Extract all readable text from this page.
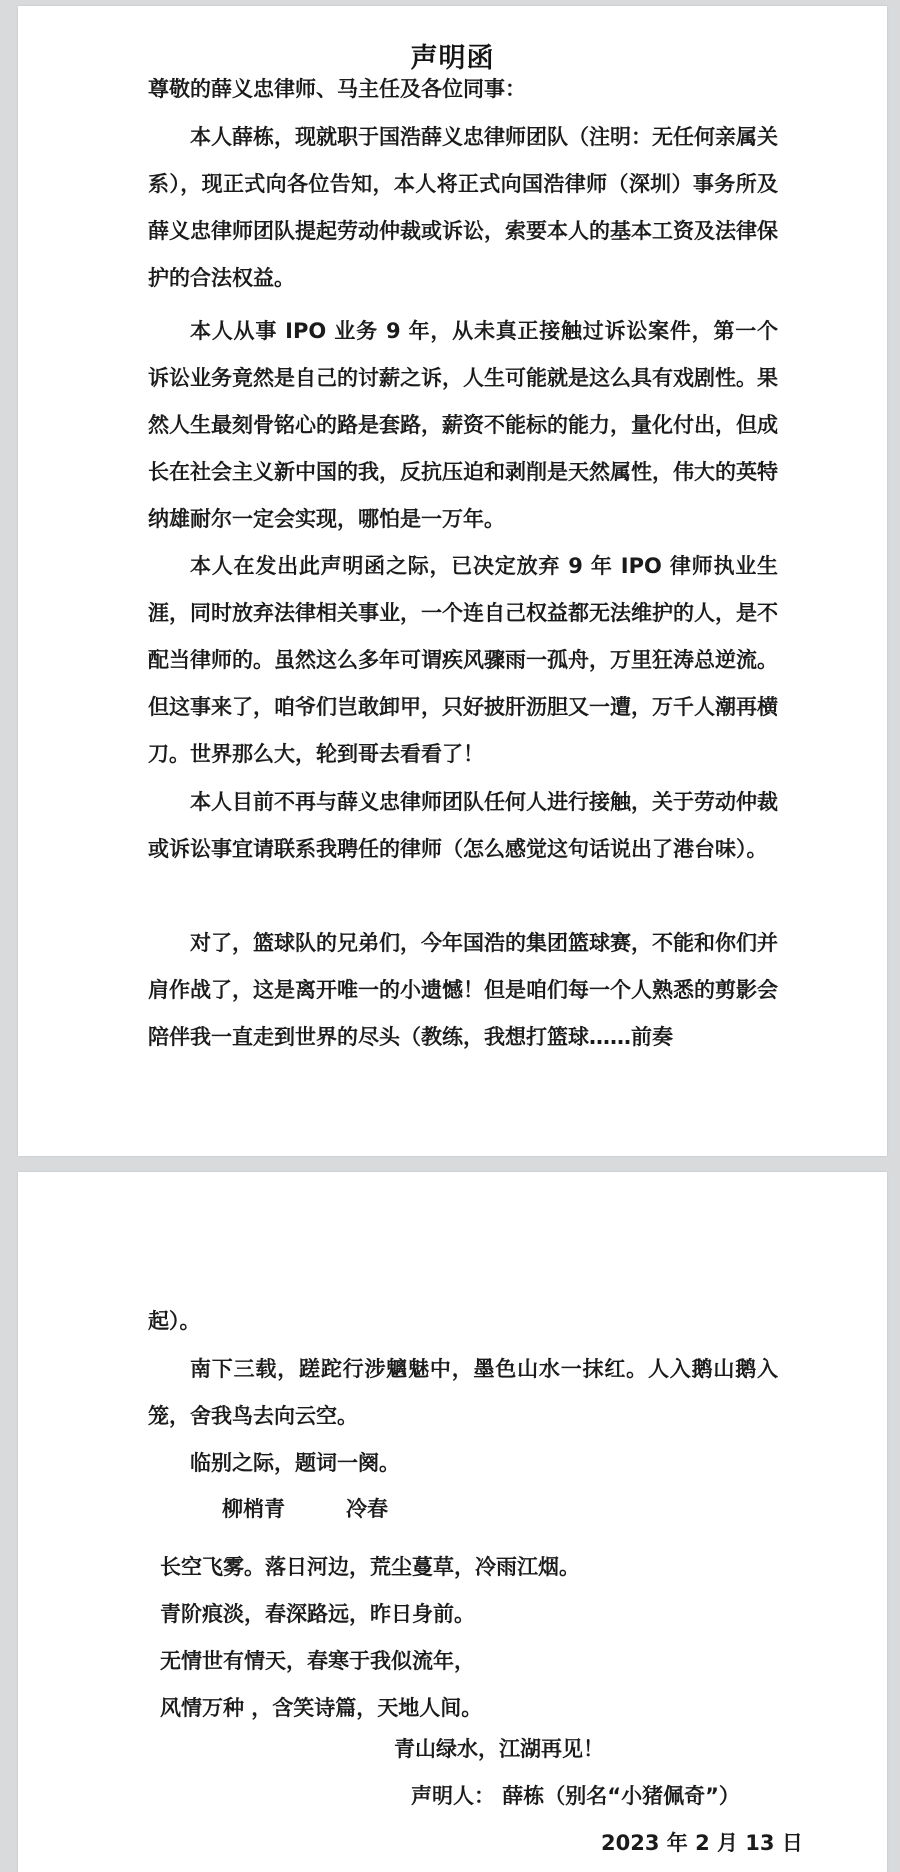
声明函
尊敬的薛义忠律师、马主任及各位同事：
本人薛栋，现就职于国浩薛义忠律师团队（注明：无任何亲属关系），现正式向各位告知，本人将正式向国浩律师（深圳）事务所及薛义忠律师团队提起劳动仲裁或诉讼，索要本人的基本工资及法律保护的合法权益。
本人从事 IPO 业务 9 年，从未真正接触过诉讼案件，第一个诉讼业务竟然是自己的讨薪之诉，人生可能就是这么具有戏剧性。果然人生最刻骨铭心的路是套路，薪资不能标的能力，量化付出，但成长在社会主义新中国的我，反抗压迫和剥削是天然属性，伟大的英特纳雄耐尔一定会实现，哪怕是一万年。
本人在发出此声明函之际，已决定放弃 9 年 IPO 律师执业生涯，同时放弃法律相关事业，一个连自己权益都无法维护的人，是不配当律师的。虽然这么多年可谓疾风骤雨一孤舟，万里狂涛总逆流。但这事来了，咱爷们岂敢卸甲，只好披肝沥胆又一遭，万千人潮再横刀。世界那么大，轮到哥去看看了！
本人目前不再与薛义忠律师团队任何人进行接触，关于劳动仲裁或诉讼事宜请联系我聘任的律师（怎么感觉这句话说出了港台味）。
对了，篮球队的兄弟们，今年国浩的集团篮球赛，不能和你们并肩作战了，这是离开唯一的小遗憾！但是咱们每一个人熟悉的剪影会陪伴我一直走到世界的尽头（教练，我想打篮球……前奏
起）。
南下三载，蹉跎行涉魑魅中，墨色山水一抹红。人入鹅山鹅入笼，舍我鸟去向云空。
临别之际，题词一阕。
柳梢青	冷春
长空飞雾。落日河边，荒尘蔓草，冷雨江烟。
青阶痕淡，春深路远，昨日身前。
无情世有情天，春寒于我似流年，
风情万种 ，含笑诗篇，天地人间。
青山绿水，江湖再见！
声明人： 薛栋（别名“小猪佩奇”）
2023 年 2 月 13 日
